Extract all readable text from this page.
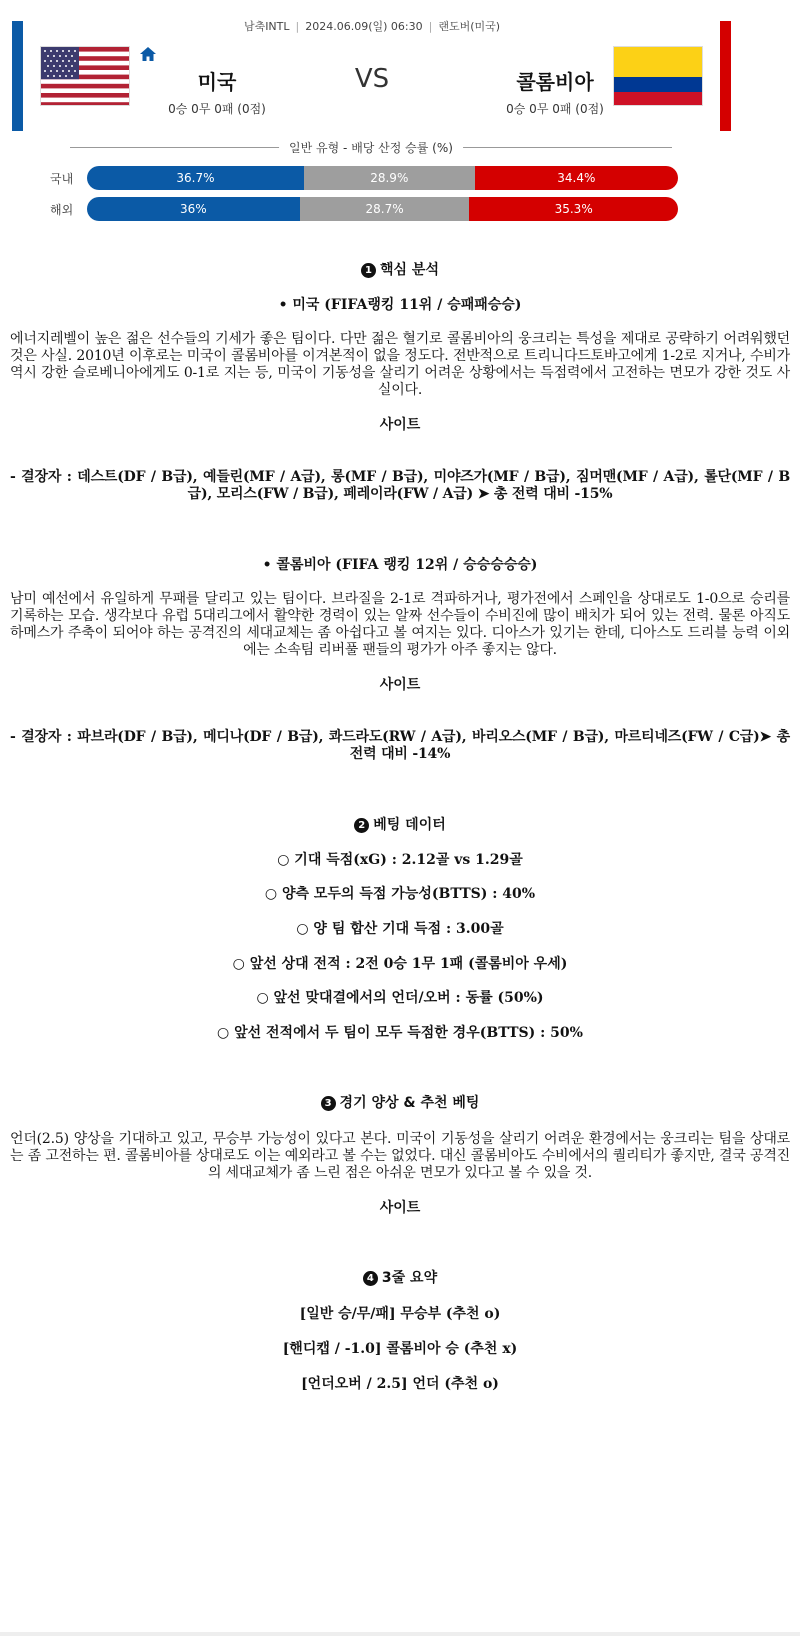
남축INTL | 2024.06.09(일) 06:30 | 랜도버(미국)
미국
0승 0무 0패 (0점)
VS	콜롬비아
0승 0무 0패 (0점)
일반 유형 - 배당 산정 승률 (%)
국내	36.7%	28.9%	34.4%
해외	36%	28.7%	35.3%
1 핵심 분석
• 미국 (FIFA랭킹 11위 / 승패패승승)
에너지레벨이 높은 젊은 선수들의 기세가 좋은 팀이다. 다만 젊은 혈기로 콜롬비아의 웅크리는 특성을 제대로 공략하기 어려워했던 것은 사실. 2010년 이후로는 미국이 콜롬비아를 이겨본적이 없을 정도다. 전반적으로 트리니다드토바고에게 1-2로 지거나, 수비가 역시 강한 슬로베니아에게도 0-1로 지는 등, 미국이 기동성을 살리기 어려운 상황에서는 득점력에서 고전하는 면모가 강한 것도 사실이다.
사이트
- 결장자 : 데스트(DF / B급), 예들린(MF / A급), 롱(MF / B급), 미야즈가(MF / B급), 짐머맨(MF / A급), 롤단(MF / B급), 모리스(FW / B급), 페레이라(FW / A급) ➤ 총 전력 대비 -15%
• 콜롬비아 (FIFA 랭킹 12위 / 승승승승승)
남미 예선에서 유일하게 무패를 달리고 있는 팀이다. 브라질을 2-1로 격파하거나, 평가전에서 스페인을 상대로도 1-0으로 승리를 기록하는 모습. 생각보다 유럽 5대리그에서 활약한 경력이 있는 알짜 선수들이 수비진에 많이 배치가 되어 있는 전력. 물론 아직도 하메스가 주축이 되어야 하는 공격진의 세대교체는 좀 아쉽다고 볼 여지는 있다. 디아스가 있기는 한데, 디아스도 드리블 능력 이외에는 소속팀 리버풀 팬들의 평가가 아주 좋지는 않다.
사이트
- 결장자 : 파브라(DF / B급), 메디나(DF / B급), 콰드라도(RW / A급), 바리오스(MF / B급), 마르티네즈(FW / C급)➤ 총 전력 대비 -14%
2 베팅 데이터
○ 기대 득점(xG) : 2.12골 vs 1.29골
○ 양측 모두의 득점 가능성(BTTS) : 40%
○ 양 팀 합산 기대 득점 : 3.00골
○ 앞선 상대 전적 : 2전 0승 1무 1패 (콜롬비아 우세)
○ 앞선 맞대결에서의 언더/오버 : 동률 (50%)
○ 앞선 전적에서 두 팀이 모두 득점한 경우(BTTS) : 50%
3 경기 양상 & 추천 베팅
언더(2.5) 양상을 기대하고 있고, 무승부 가능성이 있다고 본다. 미국이 기동성을 살리기 어려운 환경에서는 웅크리는 팀을 상대로는 좀 고전하는 편. 콜롬비아를 상대로도 이는 예외라고 볼 수는 없었다. 대신 콜롬비아도 수비에서의 퀄리티가 좋지만, 결국 공격진의 세대교체가 좀 느린 점은 아쉬운 면모가 있다고 볼 수 있을 것.
사이트
4 3줄 요약
[일반 승/무/패] 무승부 (추천 o)
[핸디캡 / -1.0] 콜롬비아 승 (추천 x)
[언더오버 / 2.5] 언더 (추천 o)
